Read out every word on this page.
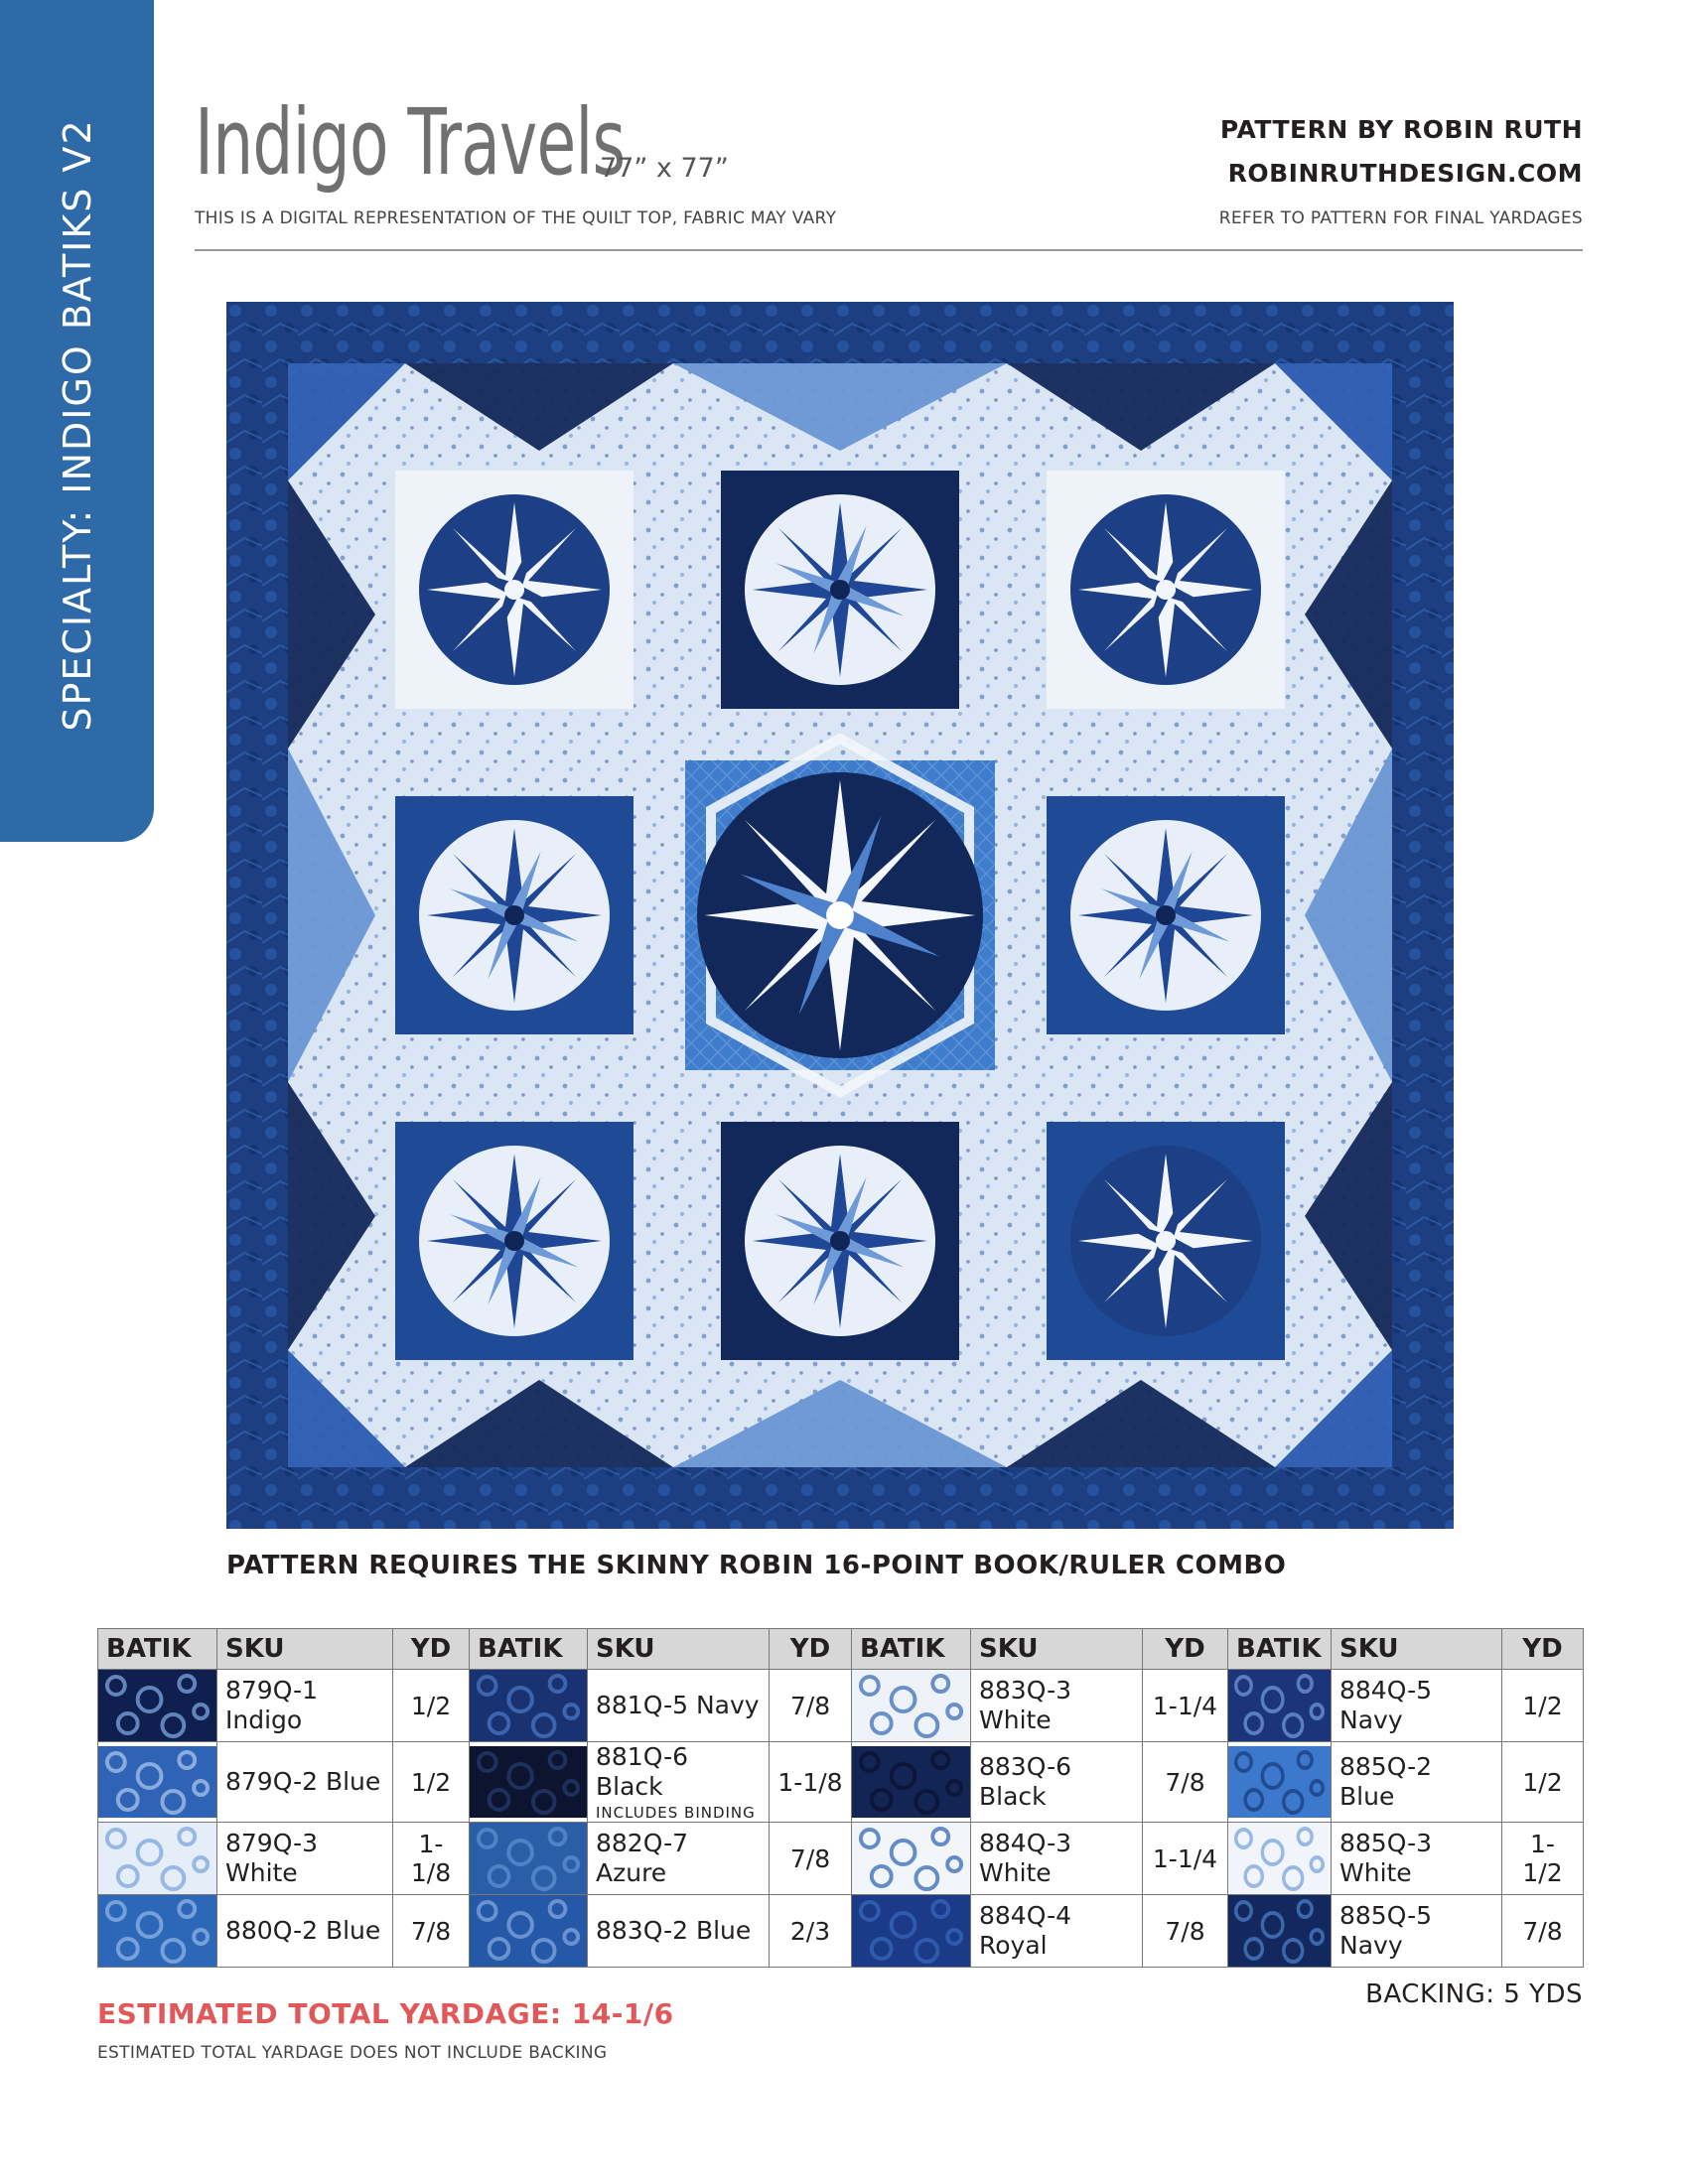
SPECIALTY: INDIGO BATIKS V2 Indigo Travels
77” x 77”
PATTERN BY ROBIN RUTH
ROBINRUTHDESIGN.COM
THIS IS A DIGITAL REPRESENTATION OF THE QUILT TOP, FABRIC MAY VARY	REFER TO PATTERN FOR FINAL YARDAGES
PATTERN REQUIRES THE SKINNY ROBIN 16-POINT BOOK/RULER COMBO
BATIK	SKU	YD	BATIK	SKU	YD	BATIK	SKU	YD	BATIK	SKU	YD

	879Q-1 Indigo	1/2		881Q-5 Navy	7/8		883Q-3 White	1-1/4		884Q-5 Navy	1/2

	879Q-2 Blue	1/2		881Q-6 Black
INCLUDES BINDING	1-1/8		883Q-6 Black	7/8		885Q-2 Blue	1/2

	879Q-3 White	1-1/8		882Q-7 Azure	7/8		884Q-3 White	1-1/4		885Q-3 White	1-1/2

	880Q-2 Blue	7/8		883Q-2 Blue	2/3		884Q-4 Royal	7/8		885Q-5 Navy	7/8
BACKING: 5 YDS
ESTIMATED TOTAL YARDAGE: 14-1/6
ESTIMATED TOTAL YARDAGE DOES NOT INCLUDE BACKING
